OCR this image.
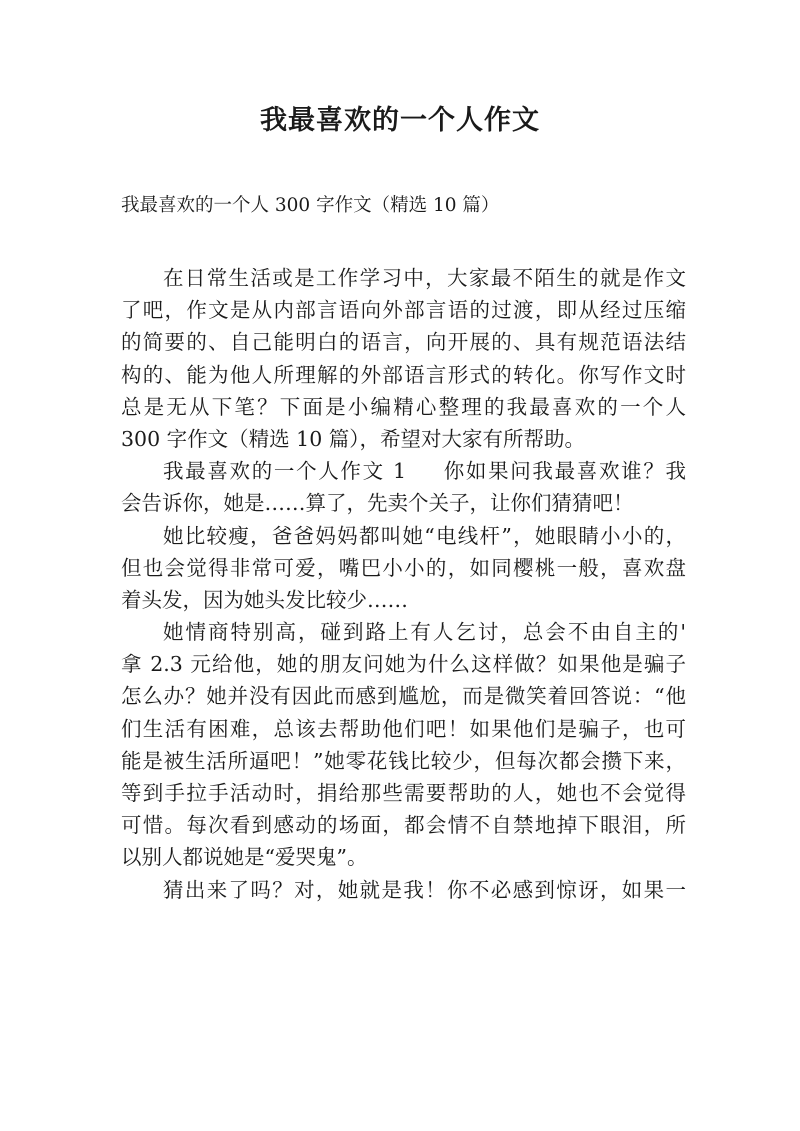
我最喜欢的一个人作文

我最喜欢的一个人 300 字作文（精选 10 篇）

在日常生活或是工作学习中，大家最不陌生的就是作文
了吧，作文是从内部言语向外部言语的过渡，即从经过压缩
的简要的、自己能明白的语言，向开展的、具有规范语法结
构的、能为他人所理解的外部语言形式的转化。你写作文时
总是无从下笔？下面是小编精心整理的我最喜欢的一个人
300 字作文（精选 10 篇），希望对大家有所帮助。
我最喜欢的一个人作文 1 你如果问我最喜欢谁？我
会告诉你，她是……算了，先卖个关子，让你们猜猜吧！
她比较瘦，爸爸妈妈都叫她“电线杆”，她眼睛小小的，
但也会觉得非常可爱，嘴巴小小的，如同樱桃一般，喜欢盘
着头发，因为她头发比较少……
她情商特别高，碰到路上有人乞讨，总会不由自主的'
拿 2.3 元给他，她的朋友问她为什么这样做？如果他是骗子
怎么办？她并没有因此而感到尴尬，而是微笑着回答说：“他
们生活有困难，总该去帮助他们吧！如果他们是骗子，也可
能是被生活所逼吧！”她零花钱比较少，但每次都会攒下来，
等到手拉手活动时，捐给那些需要帮助的人，她也不会觉得
可惜。每次看到感动的场面，都会情不自禁地掉下眼泪，所
以别人都说她是“爱哭鬼”。
猜出来了吗？对，她就是我！你不必感到惊讶，如果一
